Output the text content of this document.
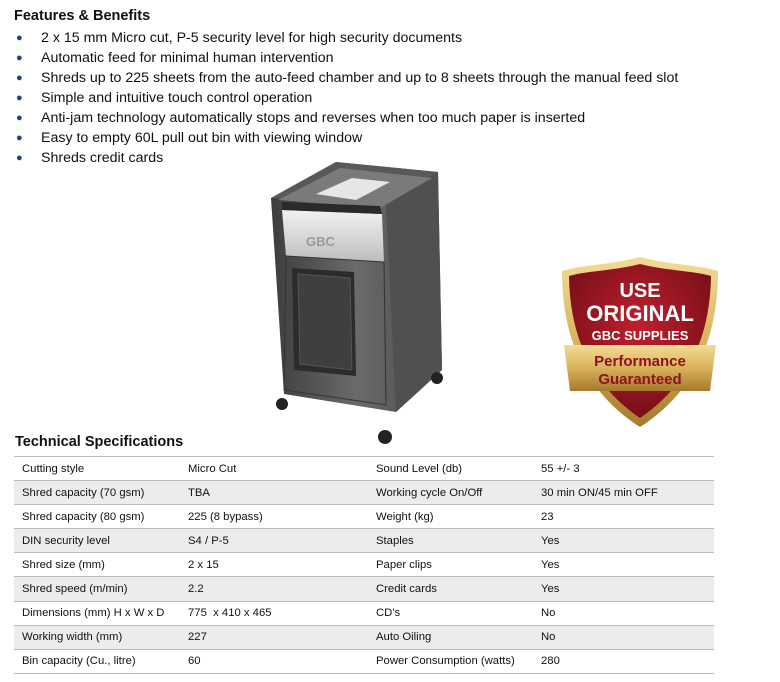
Features & Benefits
● 2 x 15 mm Micro cut, P-5 security level for high security documents
● Automatic feed for minimal human intervention
● Shreds up to 225 sheets from the auto-feed chamber and up to 8 sheets through the manual feed slot
● Simple and intuitive touch control operation
● Anti-jam technology automatically stops and reverses when too much paper is inserted
● Easy to empty 60L pull out bin with viewing window
● Shreds credit cards
GBC
USE
ORIGINAL
GBC SUPPLIES
Performance
Guaranteed
Technical Specifications
Cutting style	Micro Cut	Sound Level (db)	55 +/- 3
Shred capacity (70 gsm)	TBA	Working cycle On/Off	30 min ON/45 min OFF
Shred capacity (80 gsm)	225 (8 bypass)	Weight (kg)	23
DIN security level	S4 / P-5	Staples	Yes
Shred size (mm)	2 x 15	Paper clips	Yes
Shred speed (m/min)	2.2	Credit cards	Yes
Dimensions (mm) H x W x D	775  x 410 x 465	CD's	No
Working width (mm)	227	Auto Oiling	No
Bin capacity (Cu., litre)	60	Power Consumption (watts)	280
